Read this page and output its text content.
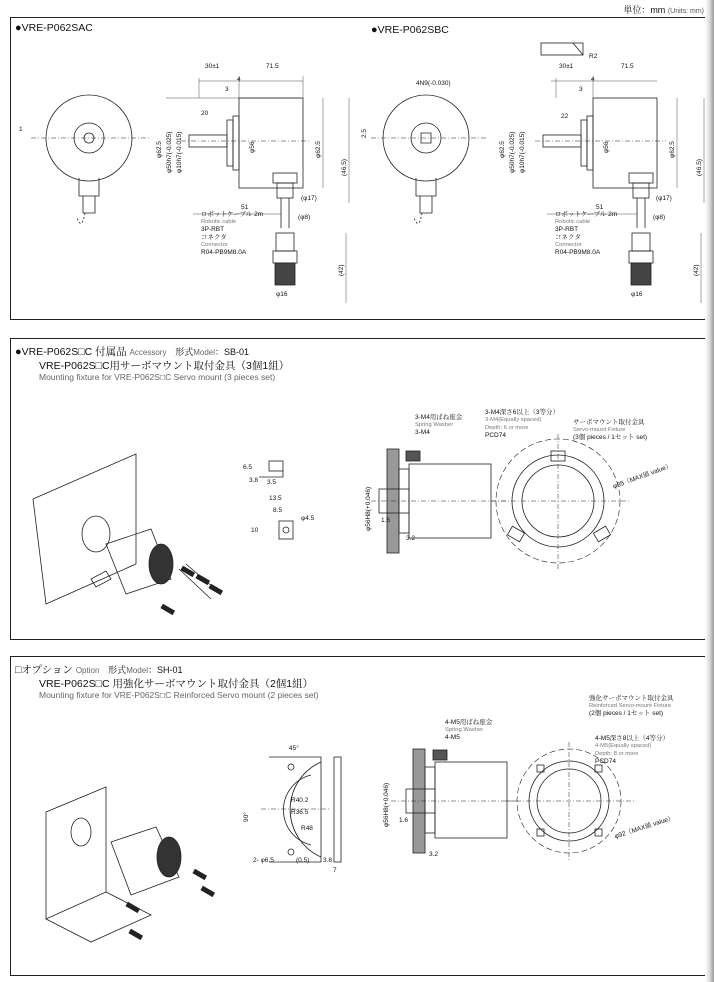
単位：mm (Units: mm)
●VRE-P062SAC	●VRE-P062SBC
30±1	71.5
3
4
20
1
φ62.5 φ50h7(-0.025) φ10h7(-0.015)	φ56	φ62.5
(46.5)
(φ17)
51
(φ8)
(42)
φ16
ロボットケーブル 2m
Robotic cable
3P-RBT
コネクタ
Connector
R04-PB9M8.0A
4N9(-0.030)
2.5
R2
30±1	71.5
3
4
22
φ62.5 φ50h7(-0.025) φ10h7(-0.015)	φ56	φ62.5
(46.5)
(φ17)
51
(φ8)
(42)
φ16
ロボットケーブル 2m
Robotic cable
3P-RBT
コネクタ
Connector
R04-PB9M8.0A
●VRE-P062S□C 付属品 Accessory 形式Model：SB-01
VRE-P062S□C用サーボマウント取付金具（3個1組）
Mounting fixture for VRE-P062S□C Servo mount (3 pieces set)
6.5
3.8 3.5
13.5
8.5
φ4.5
10	φ56H8(+0.046) 1.6
3.2
3-M4用ばね座金
Spring Washer
3-M4
3-M4深さ6以上（3等分）
3-M4(Equally spaced)
Depth: 6 or more
PCD74
サーボマウント取付金具
Servo-mount Fixture
(3個 pieces / 1セット set)
φ85（MAX値 value）
□オプション Option 形式Model：SH-01
VRE-P062S□C 用強化サーボマウント取付金具（2個1組）
Mounting fixture for VRE-P062S□C Reinforced Servo mount (2 pieces set)
45°
90°
R40.2
R36.5
R48
2- φ6.5	(0.5) 3.8
7
φ56H8(+0.046) 1.6
3.2
4-M5用ばね座金
Spring Washer
4-M5
強化サーボマウント取付金具
Reinforced Servo-mount Fixture
(2個 pieces / 1セット set)
4-M5深さ8以上（4等分）
4-M5(Equally spaced)
Depth: 8 or more
PCD74
φ92（MAX値 value）
